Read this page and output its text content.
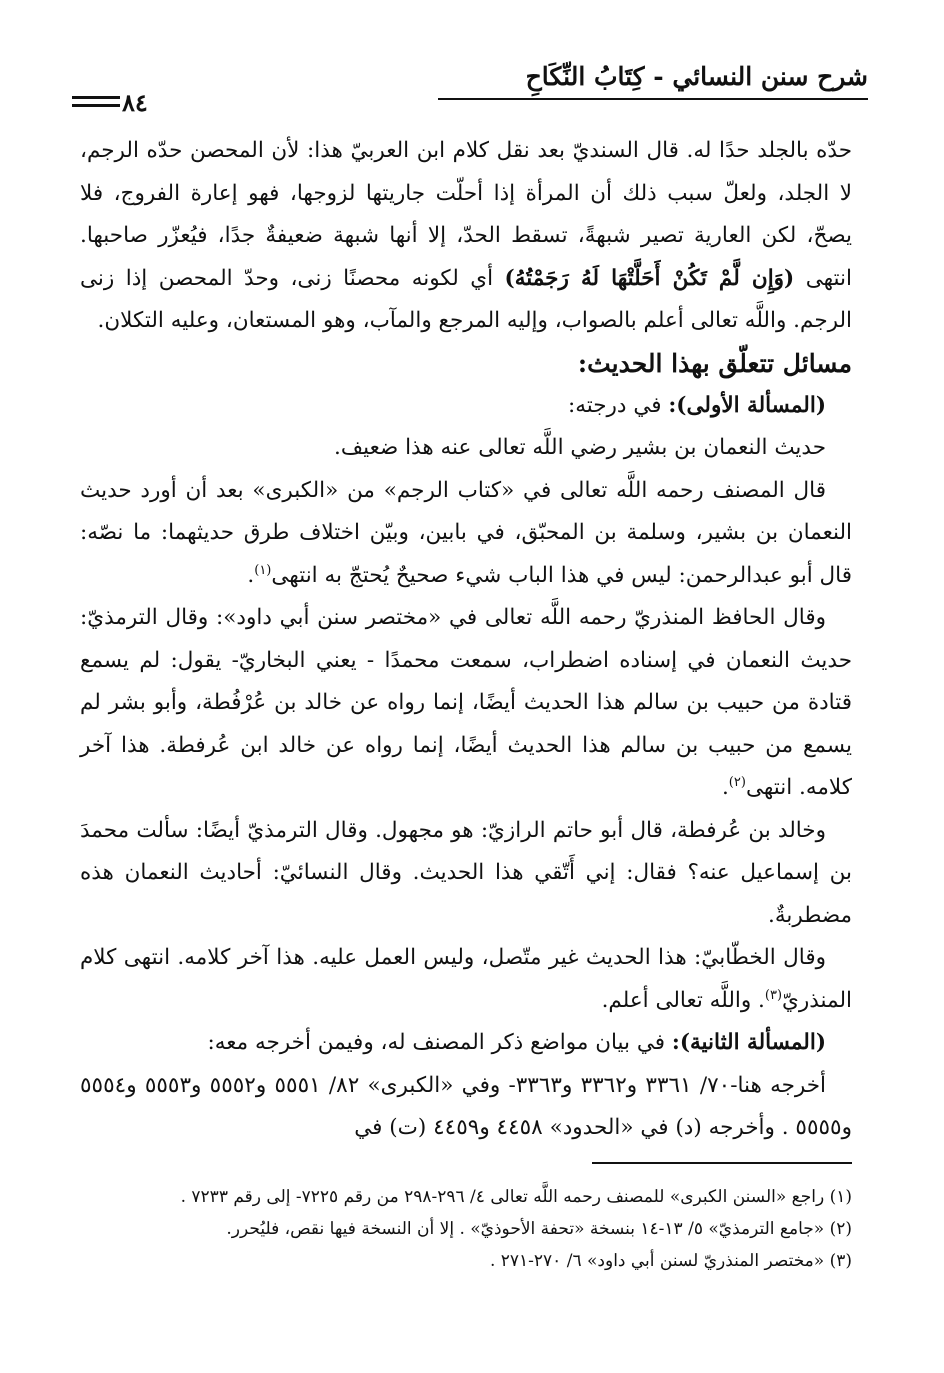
شرح سنن النسائي - كِتَابُ النِّكَاحِ
٨٤

حدّه بالجلد حدًا له. قال السنديّ بعد نقل كلام ابن العربيّ هذا: لأن المحصن حدّه الرجم، لا الجلد، ولعلّ سبب ذلك أن المرأة إذا أحلّت جاريتها لزوجها، فهو إعارة الفروج، فلا يصحّ، لكن العارية تصير شبهةً، تسقط الحدّ، إلا أنها شبهة ضعيفةٌ جدًا، فيُعزّر صاحبها. انتهى (وَإِن لَّمْ تَكُنْ أَحَلَّتْهَا لَهُ رَجَمْتُهُ) أي لكونه محصنًا زنى، وحدّ المحصن إذا زنى الرجم. واللَّه تعالى أعلم بالصواب، وإليه المرجع والمآب، وهو المستعان، وعليه التكلان.

مسائل تتعلّق بهذا الحديث:

(المسألة الأولى): في درجته:

حديث النعمان بن بشير رضي اللَّه تعالى عنه هذا ضعيف.

قال المصنف رحمه اللَّه تعالى في «كتاب الرجم» من «الكبرى» بعد أن أورد حديث النعمان بن بشير، وسلمة بن المحبّق، في بابين، وبيّن اختلاف طرق حديثهما: ما نصّه: قال أبو عبدالرحمن: ليس في هذا الباب شيء صحيحٌ يُحتجّ به انتهى$^{(١)}$.

وقال الحافظ المنذريّ رحمه اللَّه تعالى في «مختصر سنن أبي داود»: وقال الترمذيّ: حديث النعمان في إسناده اضطراب، سمعت محمدًا - يعني البخاريّ- يقول: لم يسمع قتادة من حبيب بن سالم هذا الحديث أيضًا، إنما رواه عن خالد بن عُرْفُطة، وأبو بشر لم يسمع من حبيب بن سالم هذا الحديث أيضًا، إنما رواه عن خالد ابن عُرفطة. هذا آخر كلامه. انتهى$^{(٢)}$.

وخالد بن عُرفطة، قال أبو حاتم الرازيّ: هو مجهول. وقال الترمذيّ أيضًا: سألت محمدَ بن إسماعيل عنه؟ فقال: إني أَتّقي هذا الحديث. وقال النسائيّ: أحاديث النعمان هذه مضطربةٌ.

وقال الخطّابيّ: هذا الحديث غير متّصل، وليس العمل عليه. هذا آخر كلامه. انتهى كلام المنذريّ$^{(٣)}$. واللَّه تعالى أعلم.

(المسألة الثانية): في بيان مواضع ذكر المصنف له، وفيمن أخرجه معه:

أخرجه هنا-٧٠/ ٣٣٦١ و٣٣٦٢ و٣٣٦٣- وفي «الكبرى» ٨٢/ ٥٥٥١ و٥٥٥٢ و٥٥٥٣ و٥٥٥٤ و٥٥٥٥ . وأخرجه (د) في «الحدود» ٤٤٥٨ و٤٤٥٩ (ت) في

(١) راجع «السنن الكبرى» للمصنف رحمه اللَّه تعالى ٤/ ٢٩٦-٢٩٨ من رقم ٧٢٢٥- إلى رقم ٧٢٣٣ .

(٢) «جامع الترمذيّ» ٥/ ١٣-١٤ بنسخة «تحفة الأحوذيّ» . إلا أن النسخة فيها نقص، فليُحرر.

(٣) «مختصر المنذريّ لسنن أبي داود» ٦/ ٢٧٠-٢٧١ .
